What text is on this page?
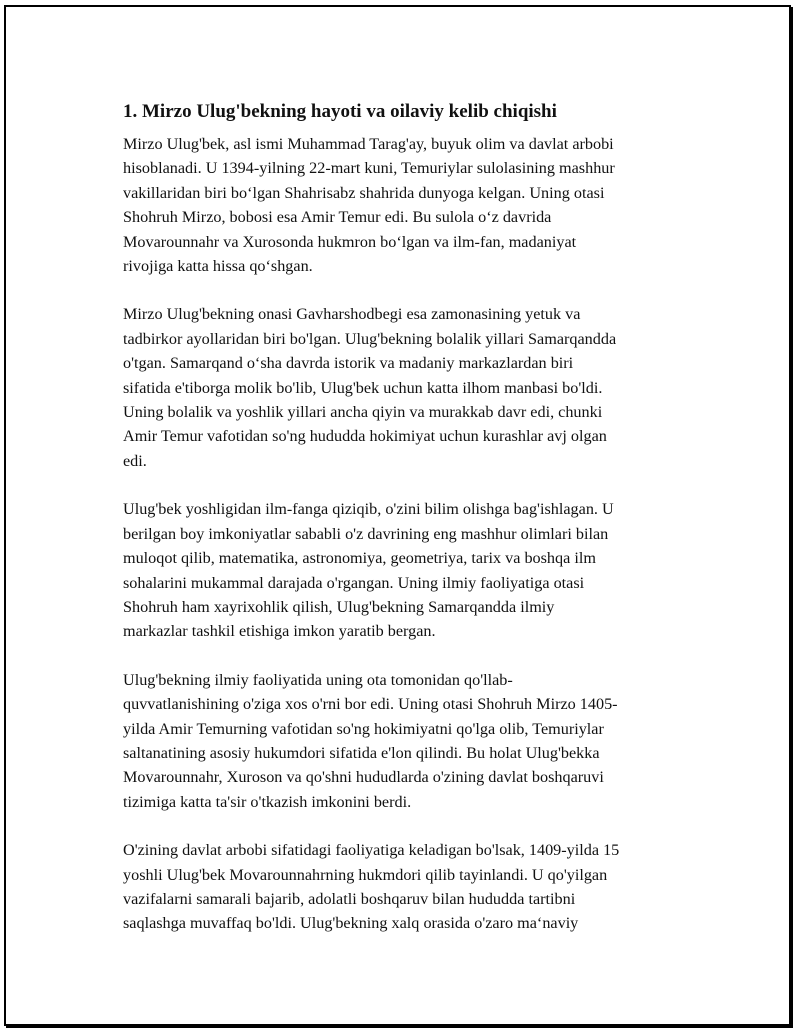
1. Mirzo Ulug'bekning hayoti va oilaviy kelib chiqishi

Mirzo Ulug'bek, asl ismi Muhammad Tarag'ay, buyuk olim va davlat arbobi
hisoblanadi. U 1394-yilning 22-mart kuni, Temuriylar sulolasining mashhur
vakillaridan biri bo‘lgan Shahrisabz shahrida dunyoga kelgan. Uning otasi
Shohruh Mirzo, bobosi esa Amir Temur edi. Bu sulola o‘z davrida
Movarounnahr va Xurosonda hukmron bo‘lgan va ilm-fan, madaniyat
rivojiga katta hissa qo‘shgan.

Mirzo Ulug'bekning onasi Gavharshodbegi esa zamonasining yetuk va
tadbirkor ayollaridan biri bo'lgan. Ulug'bekning bolalik yillari Samarqandda
o'tgan. Samarqand o‘sha davrda istorik va madaniy markazlardan biri
sifatida e'tiborga molik bo'lib, Ulug'bek uchun katta ilhom manbasi bo'ldi.
Uning bolalik va yoshlik yillari ancha qiyin va murakkab davr edi, chunki
Amir Temur vafotidan so'ng hududda hokimiyat uchun kurashlar avj olgan
edi.

Ulug'bek yoshligidan ilm-fanga qiziqib, o'zini bilim olishga bag'ishlagan. U
berilgan boy imkoniyatlar sababli o'z davrining eng mashhur olimlari bilan
muloqot qilib, matematika, astronomiya, geometriya, tarix va boshqa ilm
sohalarini mukammal darajada o'rgangan. Uning ilmiy faoliyatiga otasi
Shohruh ham xayrixohlik qilish, Ulug'bekning Samarqandda ilmiy
markazlar tashkil etishiga imkon yaratib bergan.

Ulug'bekning ilmiy faoliyatida uning ota tomonidan qo'llab-
quvvatlanishining o'ziga xos o'rni bor edi. Uning otasi Shohruh Mirzo 1405-
yilda Amir Temurning vafotidan so'ng hokimiyatni qo'lga olib, Temuriylar
saltanatining asosiy hukumdori sifatida e'lon qilindi. Bu holat Ulug'bekka
Movarounnahr, Xuroson va qo'shni hududlarda o'zining davlat boshqaruvi
tizimiga katta ta'sir o'tkazish imkonini berdi.

O'zining davlat arbobi sifatidagi faoliyatiga keladigan bo'lsak, 1409-yilda 15
yoshli Ulug'bek Movarounnahrning hukmdori qilib tayinlandi. U qo'yilgan
vazifalarni samarali bajarib, adolatli boshqaruv bilan hududda tartibni
saqlashga muvaffaq bo'ldi. Ulug'bekning xalq orasida o'zaro ma‘naviy
